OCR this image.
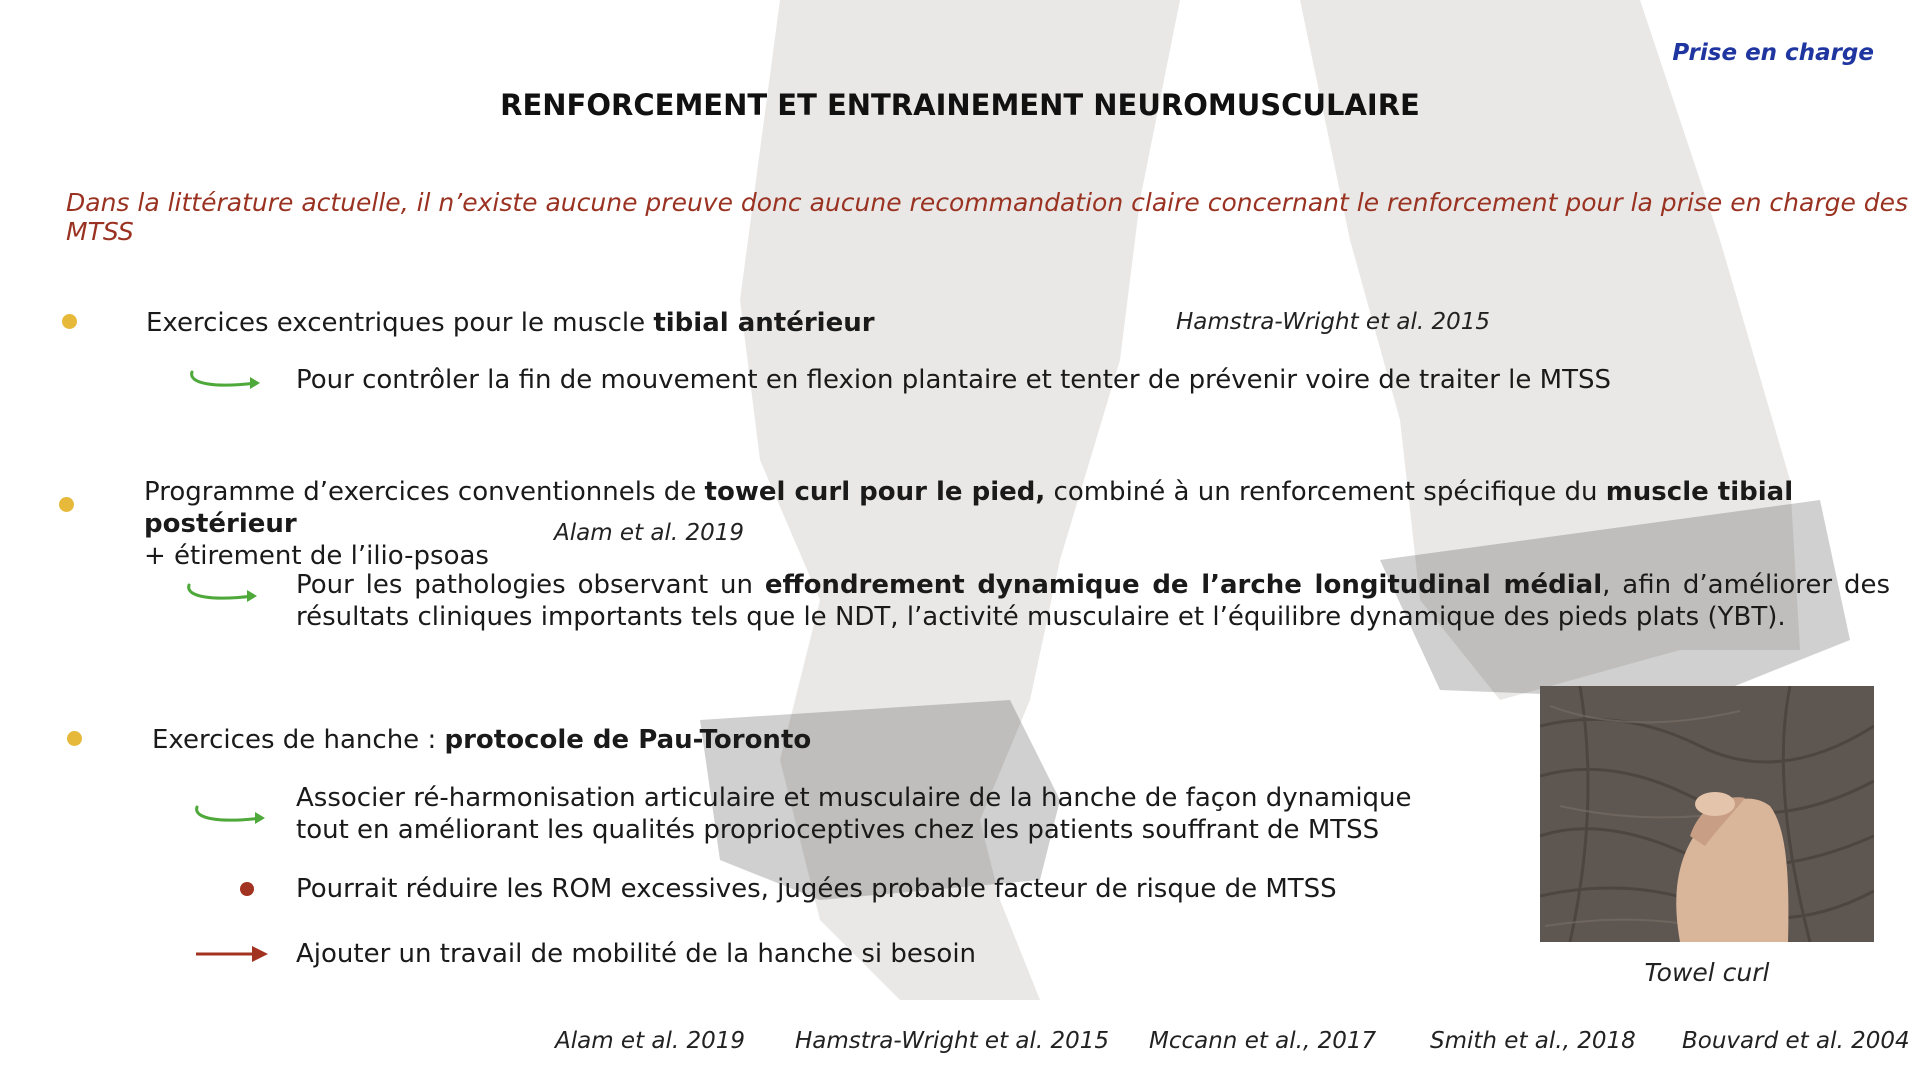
Prise en charge
RENFORCEMENT ET ENTRAINEMENT NEUROMUSCULAIRE
Dans la littérature actuelle, il n’existe aucune preuve donc aucune recommandation claire concernant le renforcement pour la prise en charge des MTSS
Exercices excentriques pour le muscle tibial antérieur	Hamstra-Wright et al. 2015
Pour contrôler la fin de mouvement en flexion plantaire et tenter de prévenir voire de traiter le MTSS
Programme d’exercices conventionnels de towel curl pour le pied, combiné à un renforcement spécifique du muscle tibial postérieur
+ étirement de l’ilio-psoas
Alam et al. 2019
Pour les pathologies observant un effondrement dynamique de l’arche longitudinal médial, afin d’améliorer des résultats cliniques importants tels que le NDT, l’activité musculaire et l’équilibre dynamique des pieds plats (YBT).
Exercices de hanche : protocole de Pau-Toronto
Associer ré-harmonisation articulaire et musculaire de la hanche de façon dynamique tout en améliorant les qualités proprioceptives chez les patients souffrant de MTSS
Pourrait réduire les ROM excessives, jugées probable facteur de risque de MTSS
Ajouter un travail de mobilité de la hanche si besoin
Towel curl
Alam et al. 2019 Hamstra-Wright et al. 2015 Mccann et al., 2017 Smith et al., 2018 Bouvard et al. 2004
